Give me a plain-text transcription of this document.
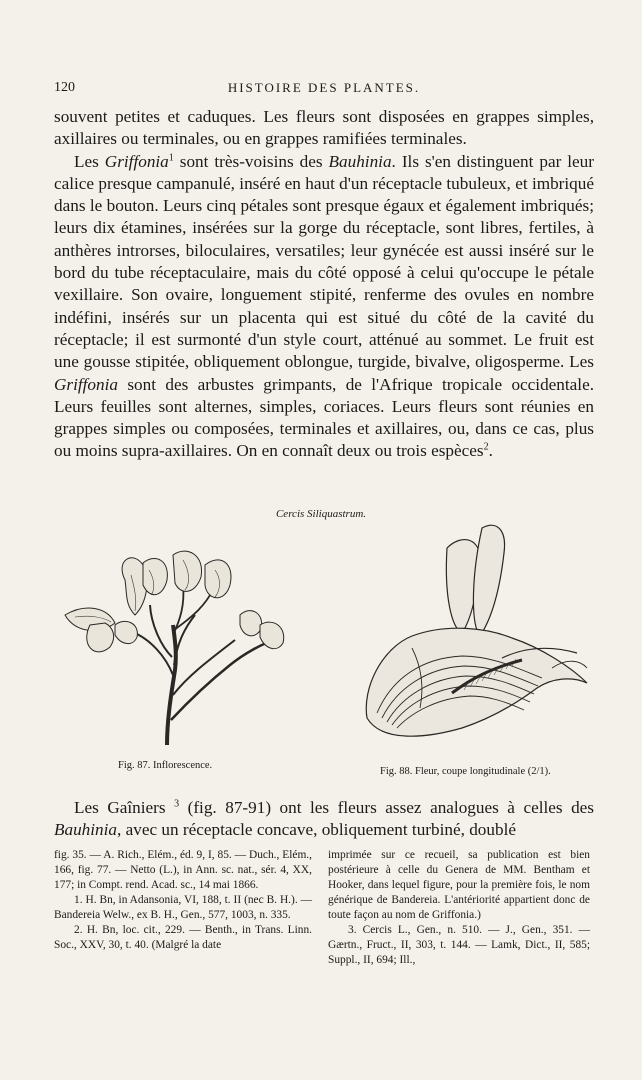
120	HISTOIRE DES PLANTES.

souvent petites et caduques. Les fleurs sont disposées en grappes simples, axillaires ou terminales, ou en grappes ramifiées terminales.

Les Griffonia$^1$ sont très-voisins des Bauhinia. Ils s'en distinguent par leur calice presque campanulé, inséré en haut d'un réceptacle tubuleux, et imbriqué dans le bouton. Leurs cinq pétales sont presque égaux et également imbriqués; leurs dix étamines, insérées sur la gorge du réceptacle, sont libres, fertiles, à anthères introrses, biloculaires, versatiles; leur gynécée est aussi inséré sur le bord du tube réceptaculaire, mais du côté opposé à celui qu'occupe le pétale vexillaire. Son ovaire, longuement stipité, renferme des ovules en nombre indéfini, insérés sur un placenta qui est situé du côté de la cavité du réceptacle; il est surmonté d'un style court, atténué au sommet. Le fruit est une gousse stipitée, obliquement oblongue, turgide, bivalve, oligosperme. Les Griffonia sont des arbustes grimpants, de l'Afrique tropicale occidentale. Leurs feuilles sont alternes, simples, coriaces. Leurs fleurs sont réunies en grappes simples ou composées, terminales et axillaires, ou, dans ce cas, plus ou moins supra-axillaires. On en connaît deux ou trois espèces$^2$.

Cercis Siliquastrum.
Fig. 87. Inflorescence.
Fig. 88. Fleur, coupe longitudinale (2/1).

Les Gaîniers $^3$ (fig. 87-91) ont les fleurs assez analogues à celles des Bauhinia, avec un réceptacle concave, obliquement turbiné, doublé

fig. 35. — A. Rich., Elém., éd. 9, I, 85. — Duch., Elém., 166, fig. 77. — Netto (L.), in Ann. sc. nat., sér. 4, XX, 177; in Compt. rend. Acad. sc., 14 mai 1866.

1. H. Bn, in Adansonia, VI, 188, t. II (nec B. H.). — Bandereia Welw., ex B. H., Gen., 577, 1003, n. 335.

2. H. Bn, loc. cit., 229. — Benth., in Trans. Linn. Soc., XXV, 30, t. 40. (Malgré la date

imprimée sur ce recueil, sa publication est bien postérieure à celle du Genera de MM. Bentham et Hooker, dans lequel figure, pour la première fois, le nom générique de Bandereia. L'antériorité appartient donc de toute façon au nom de Griffonia.)

3. Cercis L., Gen., n. 510. — J., Gen., 351. — Gærtn., Fruct., II, 303, t. 144. — Lamk, Dict., II, 585; Suppl., II, 694; Ill.,
